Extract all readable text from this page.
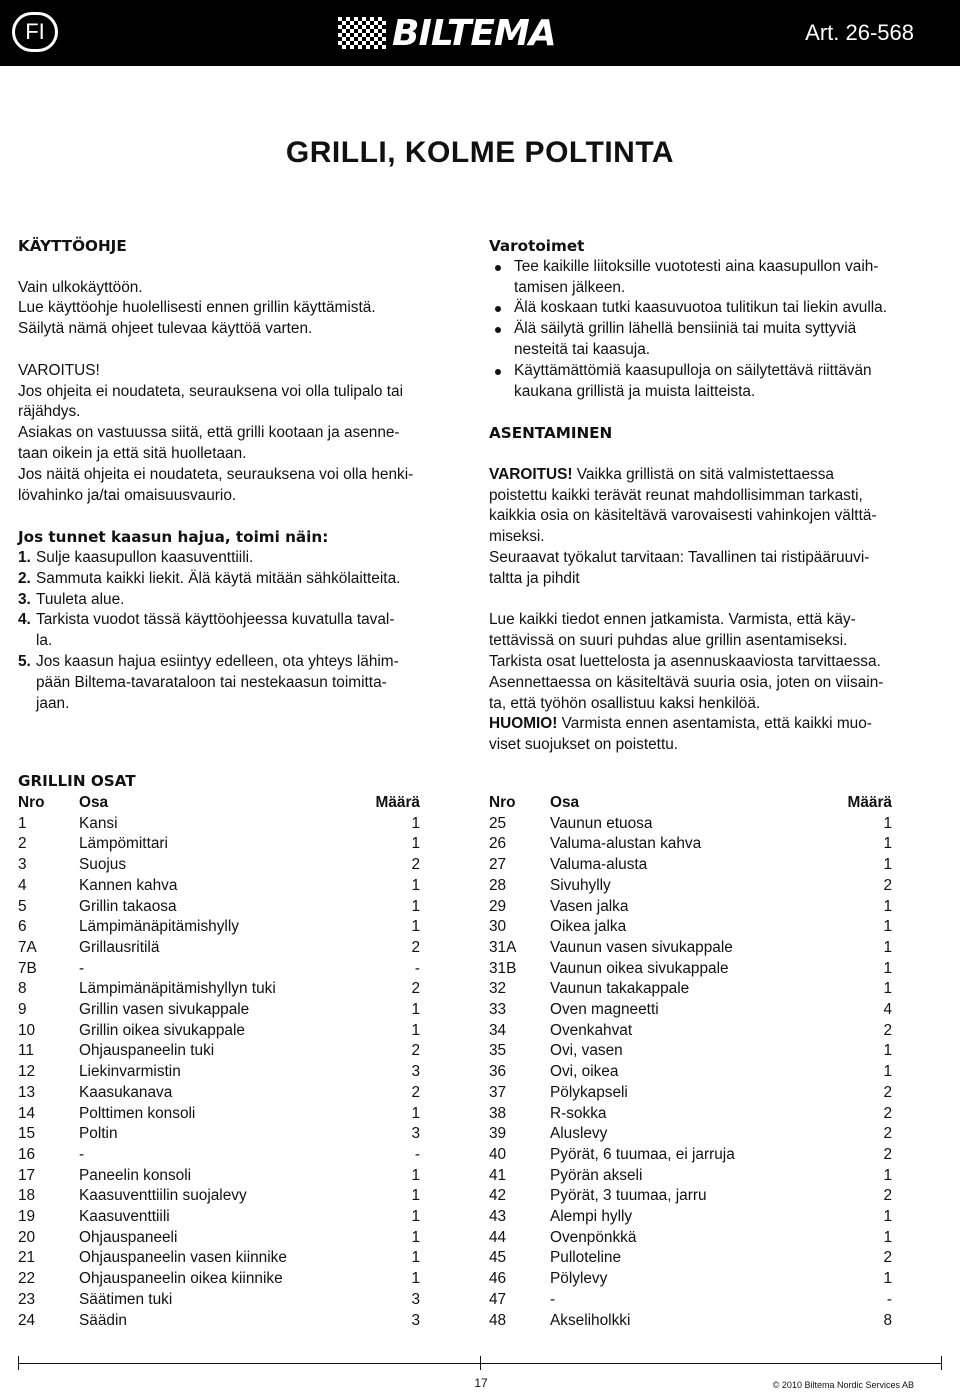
FI	BILTEMA	Art. 26-568
GRILLI, KOLME POLTINTA
KÄYTTÖOHJE

Vain ulkokäyttöön.

Lue käyttöohje huolellisesti ennen grillin käyttämistä.

Säilytä nämä ohjeet tulevaa käyttöä varten.

VAROITUS!

Jos ohjeita ei noudateta, seurauksena voi olla tulipalo tai

räjähdys.

Asiakas on vastuussa siitä, että grilli kootaan ja asenne-

taan oikein ja että sitä huolletaan.

Jos näitä ohjeita ei noudateta, seurauksena voi olla henki-

lövahinko ja/tai omaisuusvaurio.

Jos tunnet kaasun hajua, toimi näin:
1. Sulje kaasupullon kaasuventtiili.

2. Sammuta kaikki liekit. Älä käytä mitään sähkölaitteita.

3. Tuuleta alue.

4. Tarkista vuodot tässä käyttöohjeessa kuvatulla taval-

la.

5. Jos kaasun hajua esiintyy edelleen, ota yhteys lähim-

pään Biltema-tavarataloon tai nestekaasun toimitta-

jaan.

Varotoimet

Tee kaikille liitoksille vuototesti aina kaasupullon vaih-

tamisen jälkeen.

Älä koskaan tutki kaasuvuotoa tulitikun tai liekin avulla.

Älä säilytä grillin lähellä bensiiniä tai muita syttyviä

nesteitä tai kaasuja.

Käyttämättömiä kaasupulloja on säilytettävä riittävän

kaukana grillistä ja muista laitteista.

ASENTAMINEN

VAROITUS! Vaikka grillistä on sitä valmistettaessa

poistettu kaikki terävät reunat mahdollisimman tarkasti,

kaikkia osia on käsiteltävä varovaisesti vahinkojen välttä-

miseksi.

Seuraavat työkalut tarvitaan: Tavallinen tai ristipääruuvi-

taltta ja pihdit

Lue kaikki tiedot ennen jatkamista. Varmista, että käy-

tettävissä on suuri puhdas alue grillin asentamiseksi.

Tarkista osat luettelosta ja asennuskaaviosta tarvittaessa.

Asennettaessa on käsiteltävä suuria osia, joten on viisain-

ta, että työhön osallistuu kaksi henkilöä.

HUOMIO! Varmista ennen asentamista, että kaikki muo-

viset suojukset on poistettu.

GRILLIN OSAT
Nro	Osa	Määrä
1	Kansi	1
2	Lämpömittari	1
3	Suojus	2
4	Kannen kahva	1
5	Grillin takaosa	1
6	Lämpimänäpitämishylly	1
7A	Grillausritilä	2
7B	-	-
8	Lämpimänäpitämishyllyn tuki	2
9	Grillin vasen sivukappale	1
10	Grillin oikea sivukappale	1
11	Ohjauspaneelin tuki	2
12	Liekinvarmistin	3
13	Kaasukanava	2
14	Polttimen konsoli	1
15	Poltin	3
16	-	-
17	Paneelin konsoli	1
18	Kaasuventtiilin suojalevy	1
19	Kaasuventtiili	1
20	Ohjauspaneeli	1
21	Ohjauspaneelin vasen kiinnike	1
22	Ohjauspaneelin oikea kiinnike	1
23	Säätimen tuki	3
24	Säädin	3
Nro	Osa	Määrä
25	Vaunun etuosa	1
26	Valuma-alustan kahva	1
27	Valuma-alusta	1
28	Sivuhylly	2
29	Vasen jalka	1
30	Oikea jalka	1
31A	Vaunun vasen sivukappale	1
31B	Vaunun oikea sivukappale	1
32	Vaunun takakappale	1
33	Oven magneetti	4
34	Ovenkahvat	2
35	Ovi, vasen	1
36	Ovi, oikea	1
37	Pölykapseli	2
38	R-sokka	2
39	Aluslevy	2
40	Pyörät, 6 tuumaa, ei jarruja	2
41	Pyörän akseli	1
42	Pyörät, 3 tuumaa, jarru	2
43	Alempi hylly	1
44	Ovenpönkkä	1
45	Pulloteline	2
46	Pölylevy	1
47	-	-
48	Akseliholkki	8
17	© 2010 Biltema Nordic Services AB
